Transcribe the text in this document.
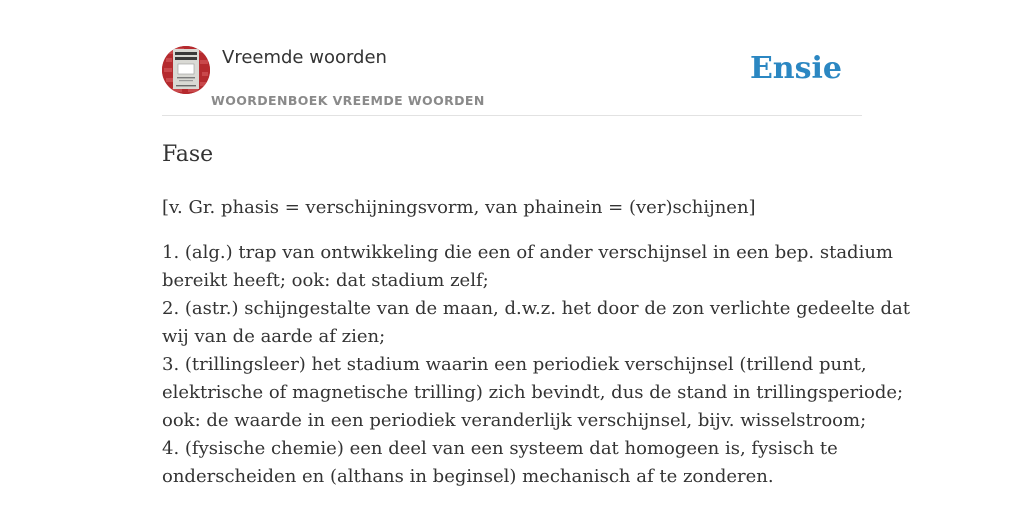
Vreemde woorden
WOORDENBOEK VREEMDE WOORDEN
Ensie
Fase
[v. Gr. phasis = verschijningsvorm, van phainein = (ver)schijnen]
1. (alg.) trap van ontwikkeling die een of ander verschijnsel in een bep. stadium
bereikt heeft; ook: dat stadium zelf;
2. (astr.) schijngestalte van de maan, d.w.z. het door de zon verlichte gedeelte dat
wij van de aarde af zien;
3. (trillingsleer) het stadium waarin een periodiek verschijnsel (trillend punt,
elektrische of magnetische trilling) zich bevindt, dus de stand in trillingsperiode;
ook: de waarde in een periodiek veranderlijk verschijnsel, bijv. wisselstroom;
4. (fysische chemie) een deel van een systeem dat homogeen is, fysisch te
onderscheiden en (althans in beginsel) mechanisch af te zonderen.
